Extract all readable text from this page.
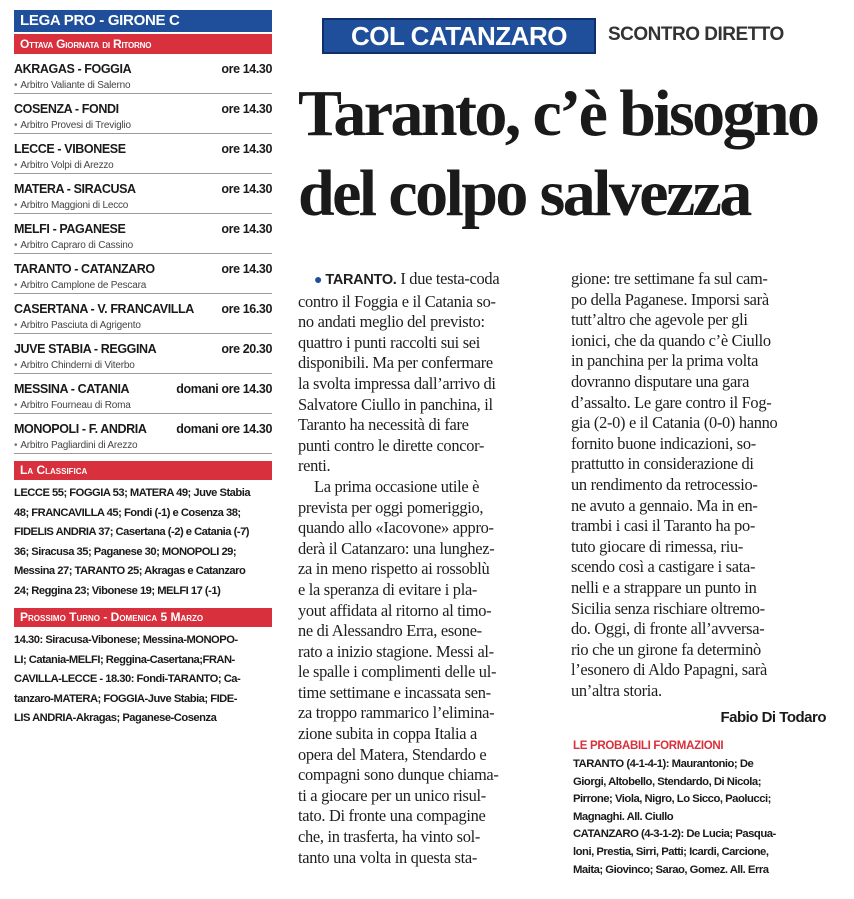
LEGA PRO - GIRONE C
Ottava Giornata di Ritorno
AKRAGAS - FOGGIA	ore 14.30
• Arbitro Valiante di Salerno
COSENZA - FONDI	ore 14.30
• Arbitro Provesi di Treviglio
LECCE - VIBONESE	ore 14.30
• Arbitro Volpi di Arezzo
MATERA - SIRACUSA	ore 14.30
• Arbitro Maggioni di Lecco
MELFI - PAGANESE	ore 14.30
• Arbitro Capraro di Cassino
TARANTO - CATANZARO	ore 14.30
• Arbitro Camplone de Pescara
CASERTANA - V. FRANCAVILLA ore 16.30
• Arbitro Pasciuta di Agrigento
JUVE STABIA - REGGINA	ore 20.30
• Arbitro Chinderni di Viterbo
MESSINA - CATANIA	domani ore 14.30
• Arbitro Fourneau di Roma
MONOPOLI - F. ANDRIA domani ore 14.30
• Arbitro Pagliardini di Arezzo
La Classifica
LECCE 55; FOGGIA 53; MATERA 49; Juve Stabia
48; FRANCAVILLA 45; Fondi (-1) e Cosenza 38;
FIDELIS ANDRIA 37; Casertana (-2) e Catania (-7)
36; Siracusa 35; Paganese 30; MONOPOLI 29;
Messina 27; TARANTO 25; Akragas e Catanzaro
24; Reggina 23; Vibonese 19; MELFI 17 (-1)
Prossimo Turno - Domenica 5 Marzo
14.30: Siracusa-Vibonese; Messina-MONOPO-
LI; Catania-MELFI; Reggina-Casertana;FRAN-
CAVILLA-LECCE - 18.30: Fondi-TARANTO; Ca-
tanzaro-MATERA; FOGGIA-Juve Stabia; FIDE-
LIS ANDRIA-Akragas; Paganese-Cosenza
COL CATANZARO	SCONTRO DIRETTO
Taranto, c’è bisogno
del colpo salvezza

● TARANTO. I due testa-coda

contro il Foggia e il Catania so-

no andati meglio del previsto:

quattro i punti raccolti sui sei

disponibili. Ma per confermare

la svolta impressa dall’arrivo di

Salvatore Ciullo in panchina, il

Taranto ha necessità di fare

punti contro le dirette concor-

renti.

La prima occasione utile è

prevista per oggi pomeriggio,

quando allo «Iacovone» appro-

derà il Catanzaro: una lunghez-

za in meno rispetto ai rossoblù

e la speranza di evitare i pla-

yout affidata al ritorno al timo-

ne di Alessandro Erra, esone-

rato a inizio stagione. Messi al-

le spalle i complimenti delle ul-

time settimane e incassata sen-

za troppo rammarico l’elimina-

zione subita in coppa Italia a

opera del Matera, Stendardo e

compagni sono dunque chiama-

ti a giocare per un unico risul-

tato. Di fronte una compagine

che, in trasferta, ha vinto sol-

tanto una volta in questa sta-

gione: tre settimane fa sul cam-

po della Paganese. Imporsi sarà

tutt’altro che agevole per gli

ionici, che da quando c’è Ciullo

in panchina per la prima volta

dovranno disputare una gara

d’assalto. Le gare contro il Fog-

gia (2-0) e il Catania (0-0) hanno

fornito buone indicazioni, so-

prattutto in considerazione di

un rendimento da retrocessio-

ne avuto a gennaio. Ma in en-

trambi i casi il Taranto ha po-

tuto giocare di rimessa, riu-

scendo così a castigare i sata-

nelli e a strappare un punto in

Sicilia senza rischiare oltremo-

do. Oggi, di fronte all’avversa-

rio che un girone fa determinò

l’esonero di Aldo Papagni, sarà

un’altra storia.

Fabio Di Todaro
LE PROBABILI FORMAZIONI

TARANTO (4-1-4-1): Maurantonio; De

Giorgi, Altobello, Stendardo, Di Nicola;

Pirrone; Viola, Nigro, Lo Sicco, Paolucci;

Magnaghi. All. Ciullo

CATANZARO (4-3-1-2): De Lucia; Pasqua-

loni, Prestia, Sirri, Patti; Icardi, Carcione,

Maita; Giovinco; Sarao, Gomez. All. Erra
